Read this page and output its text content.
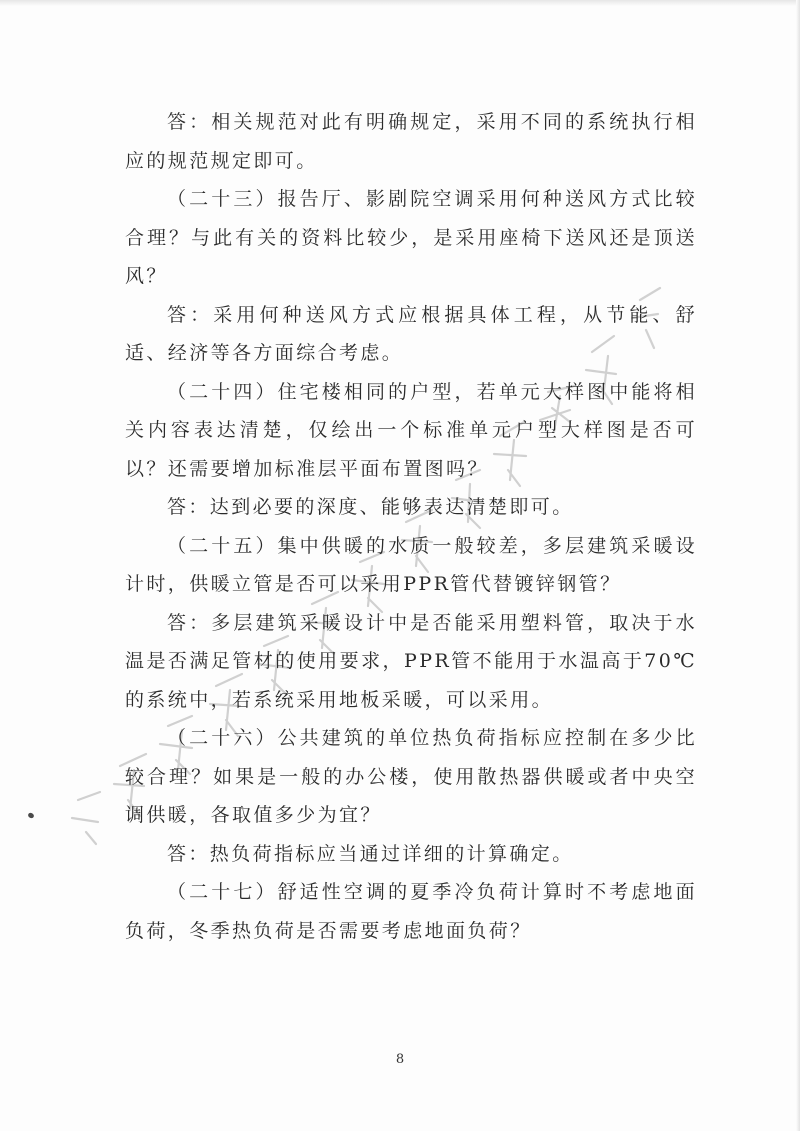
答：相关规范对此有明确规定，采用不同的系统执行相应的规范规定即可。

（二十三）报告厅、影剧院空调采用何种送风方式比较合理？与此有关的资料比较少，是采用座椅下送风还是顶送风？

答：采用何种送风方式应根据具体工程，从节能、舒适、经济等各方面综合考虑。

（二十四）住宅楼相同的户型，若单元大样图中能将相关内容表达清楚，仅绘出一个标准单元户型大样图是否可以？还需要增加标准层平面布置图吗？

答：达到必要的深度、能够表达清楚即可。

（二十五）集中供暖的水质一般较差，多层建筑采暖设计时，供暖立管是否可以采用PPR管代替镀锌钢管？

答：多层建筑采暖设计中是否能采用塑料管，取决于水温是否满足管材的使用要求，PPR管不能用于水温高于70℃的系统中，若系统采用地板采暖，可以采用。

（二十六）公共建筑的单位热负荷指标应控制在多少比较合理？如果是一般的办公楼，使用散热器供暖或者中央空调供暖，各取值多少为宜？

答：热负荷指标应当通过详细的计算确定。

（二十七）舒适性空调的夏季冷负荷计算时不考虑地面负荷，冬季热负荷是否需要考虑地面负荷？

8
